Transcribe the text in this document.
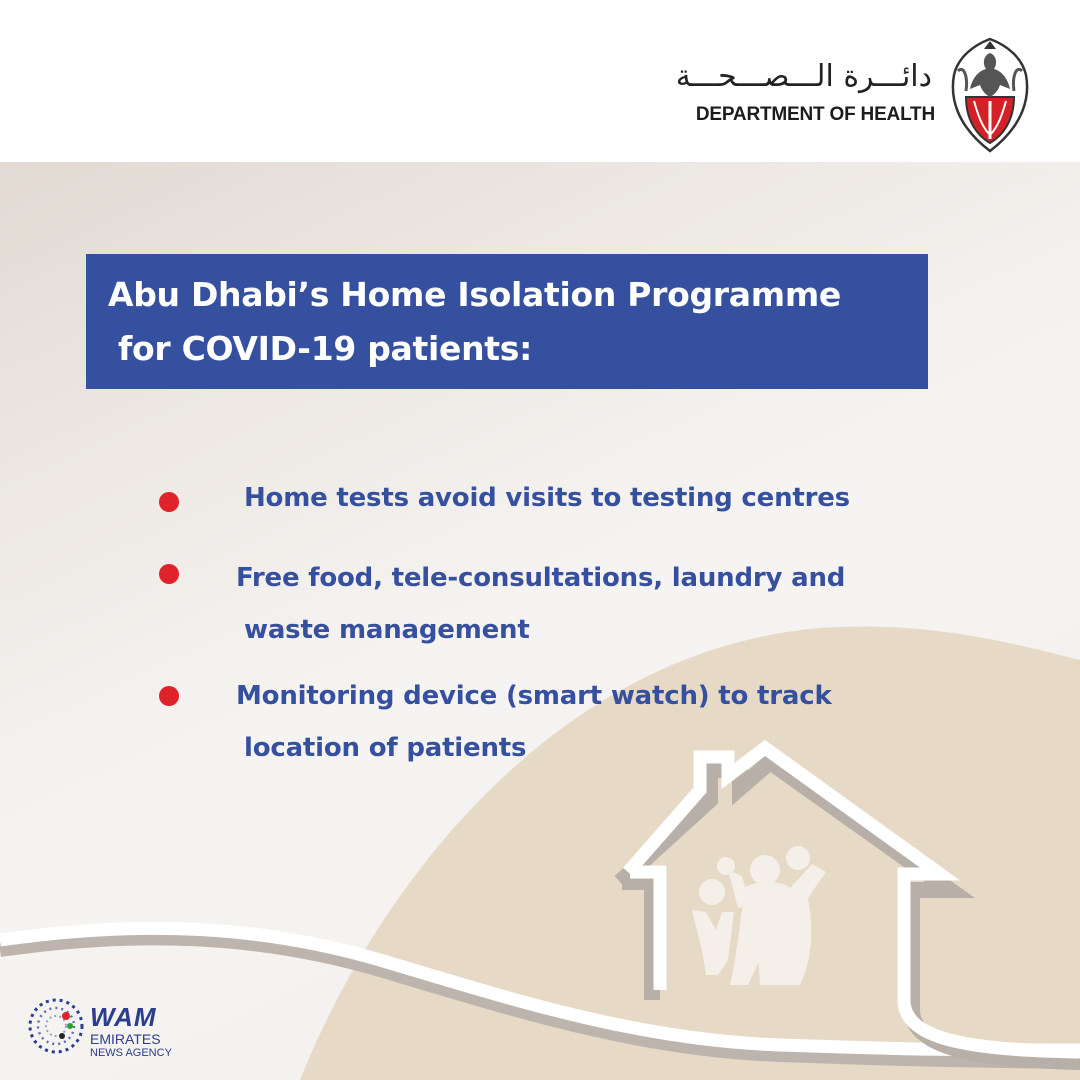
دائـــرة الـــصـــحـــة
DEPARTMENT OF HEALTH
Abu Dhabi’s Home Isolation Programme
for COVID-19 patients:
Home tests avoid visits to testing centres
Free food, tele-consultations, laundry and
waste management
Monitoring device (smart watch) to track
location of patients
WAM
EMIRATES
NEWS AGENCY
